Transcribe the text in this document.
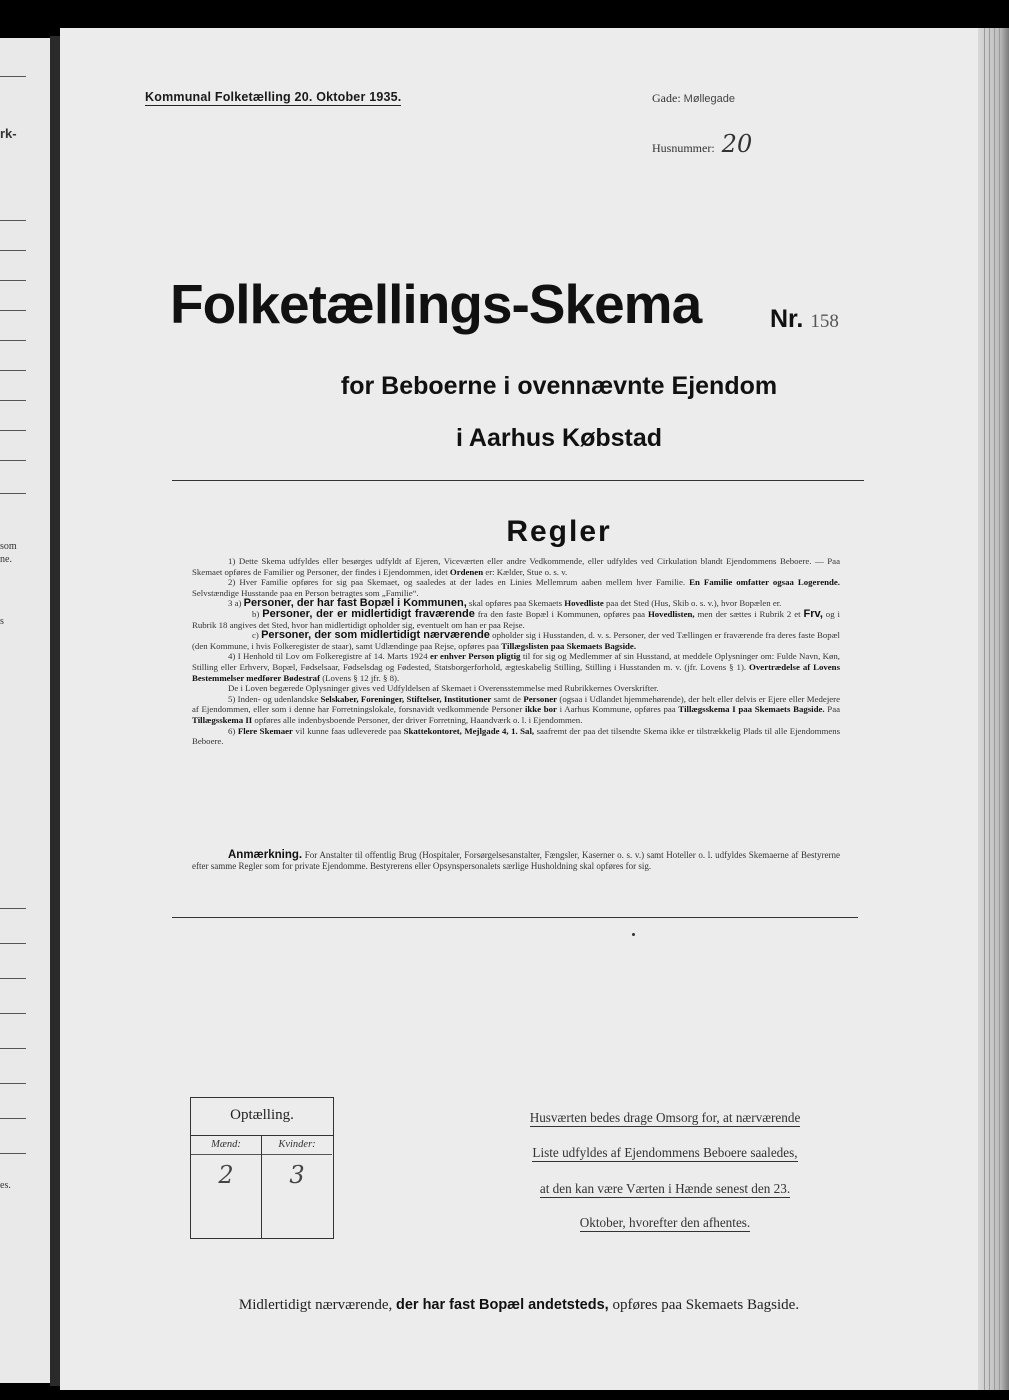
rk-
som
ne.
s
es.
Kommunal Folketælling 20. Oktober 1935.	Gade: Møllegade
Husnummer: 20
Folketællings-Skema	Nr. 158
for Beboerne i ovennævnte Ejendom
i Aarhus Købstad
Regler

1) Dette Skema udfyldes eller besørges udfyldt af Ejeren, Viceværten eller andre Vedkommende, eller udfyldes ved Cirkulation blandt Ejendommens Beboere. — Paa Skemaet opføres de Familier og Personer, der findes i Ejendommen, idet Ordenen er: Kælder, Stue o. s. v.

2) Hver Familie opføres for sig paa Skemaet, og saaledes at der lades en Linies Mellemrum aaben mellem hver Familie. En Familie omfatter ogsaa Logerende. Selvstændige Husstande paa en Person betragtes som „Familie“.

3 a) Personer, der har fast Bopæl i Kommunen, skal opføres paa Skemaets Hovedliste paa det Sted (Hus, Skib o. s. v.), hvor Bopælen er.

b) Personer, der er midlertidigt fraværende fra den faste Bopæl i Kommunen, opføres paa Hovedlisten, men der sættes i Rubrik 2 et Frv, og i Rubrik 18 angives det Sted, hvor han midlertidigt opholder sig, eventuelt om han er paa Rejse.

c) Personer, der som midlertidigt nærværende opholder sig i Husstanden, d. v. s. Personer, der ved Tællingen er fraværende fra deres faste Bopæl (den Kommune, i hvis Folkeregister de staar), samt Udlændinge paa Rejse, opføres paa Tillægslisten paa Skemaets Bagside.

4) I Henhold til Lov om Folkeregistre af 14. Marts 1924 er enhver Person pligtig til for sig og Medlemmer af sin Husstand, at meddele Oplysninger om: Fulde Navn, Køn, Stilling eller Erhverv, Bopæl, Fødselsaar, Fødselsdag og Fødested, Statsborgerforhold, ægteskabelig Stilling, Stilling i Husstanden m. v. (jfr. Lovens § 1). Overtrædelse af Lovens Bestemmelser medfører Bødestraf (Lovens § 12 jfr. § 8).

De i Loven begærede Oplysninger gives ved Udfyldelsen af Skemaet i Overensstemmelse med Rubrikkernes Overskrifter.

5) Inden- og udenlandske Selskaber, Foreninger, Stiftelser, Institutioner samt de Personer (ogsaa i Udlandet hjemmehørende), der helt eller delvis er Ejere eller Medejere af Ejendommen, eller som i denne har Forretningslokale, forsnavidt vedkommende Personer ikke bor i Aarhus Kommune, opføres paa Tillægsskema I paa Skemaets Bagside. Paa Tillægsskema II opføres alle indenbysboende Personer, der driver Forretning, Haandværk o. l. i Ejendommen.

6) Flere Skemaer vil kunne faas udleverede paa Skattekontoret, Mejlgade 4, 1. Sal, saafremt der paa det tilsendte Skema ikke er tilstrækkelig Plads til alle Ejendommens Beboere.

Anmærkning. For Anstalter til offentlig Brug (Hospitaler, Forsørgelsesanstalter, Fængsler, Kaserner o. s. v.) samt Hoteller o. l. udfyldes Skemaerne af Bestyrerne efter samme Regler som for private Ejendomme. Bestyrerens eller Opsynspersonalets særlige Husholdning skal opføres for sig.
Optælling.
Mænd:
2
Kvinder:
3
Husværten bedes drage Omsorg for, at nærværende
Liste udfyldes af Ejendommens Beboere saaledes,
at den kan være Værten i Hænde senest den 23.
Oktober, hvorefter den afhentes.
Midlertidigt nærværende, der har fast Bopæl andetsteds, opføres paa Skemaets Bagside.
